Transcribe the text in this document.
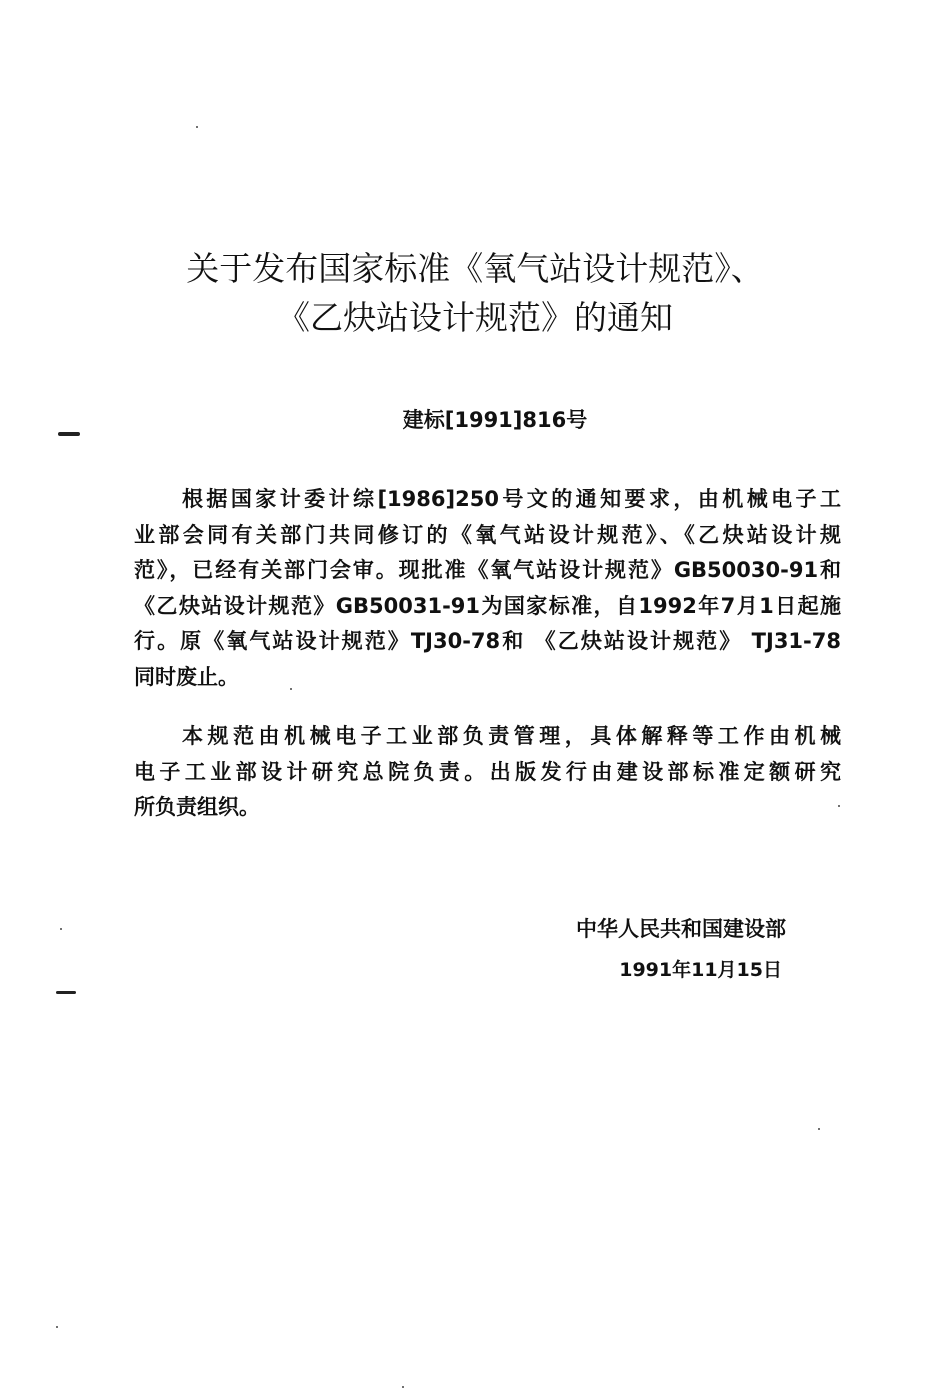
关于发布国家标准《氧气站设计规范》、
《乙炔站设计规范》的通知
建标[1991]816号
根据国家计委计综[1986]250号文的通知要求，由机械电子工
业部会同有关部门共同修订的《氧气站设计规范》、《乙炔站设计规
范》，已经有关部门会审。现批准《氧气站设计规范》GB50030-91和
《乙炔站设计规范》GB50031-91为国家标准，自1992年7月1日起施
行。原《氧气站设计规范》TJ30-78和 《乙炔站设计规范》 TJ31-78
同时废止。
本规范由机械电子工业部负责管理，具体解释等工作由机械
电子工业部设计研究总院负责。出版发行由建设部标准定额研究
所负责组织。
中华人民共和国建设部
1991年11月15日
